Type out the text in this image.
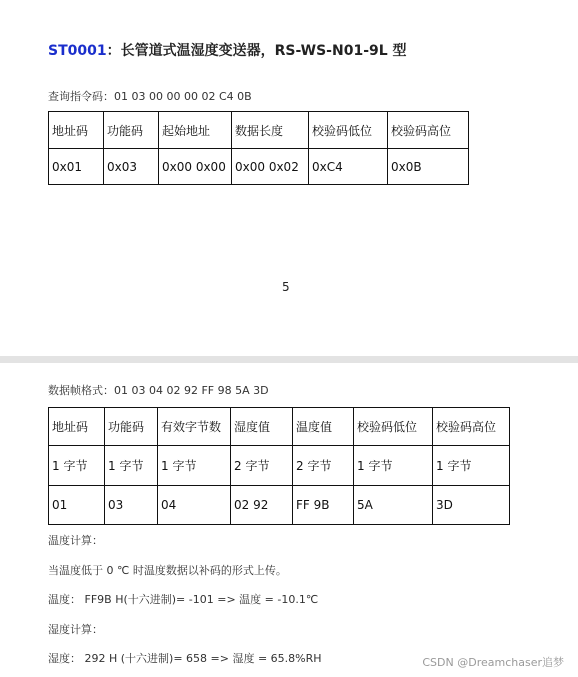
ST0001：长管道式温湿度变送器，RS-WS-N01-9L 型
查询指令码：01 03 00 00 00 02 C4 0B
地址码	功能码	起始地址	数据长度	校验码低位	校验码高位
0x01	0x03	0x00 0x00	0x00 0x02	0xC4	0x0B
5
数据帧格式：01 03 04 02 92 FF 98 5A 3D
地址码	功能码	有效字节数	湿度值	温度值	校验码低位	校验码高位
1 字节	1 字节	1 字节	2 字节	2 字节	1 字节	1 字节
01	03	04	02 92	FF 9B	5A	3D
温度计算：
当温度低于 0 ℃ 时温度数据以补码的形式上传。
温度： FF9B H(十六进制)= -101 => 温度 = -10.1℃
湿度计算：
湿度： 292 H (十六进制)= 658 => 湿度 = 65.8%RH	CSDN @Dreamchaser追梦
